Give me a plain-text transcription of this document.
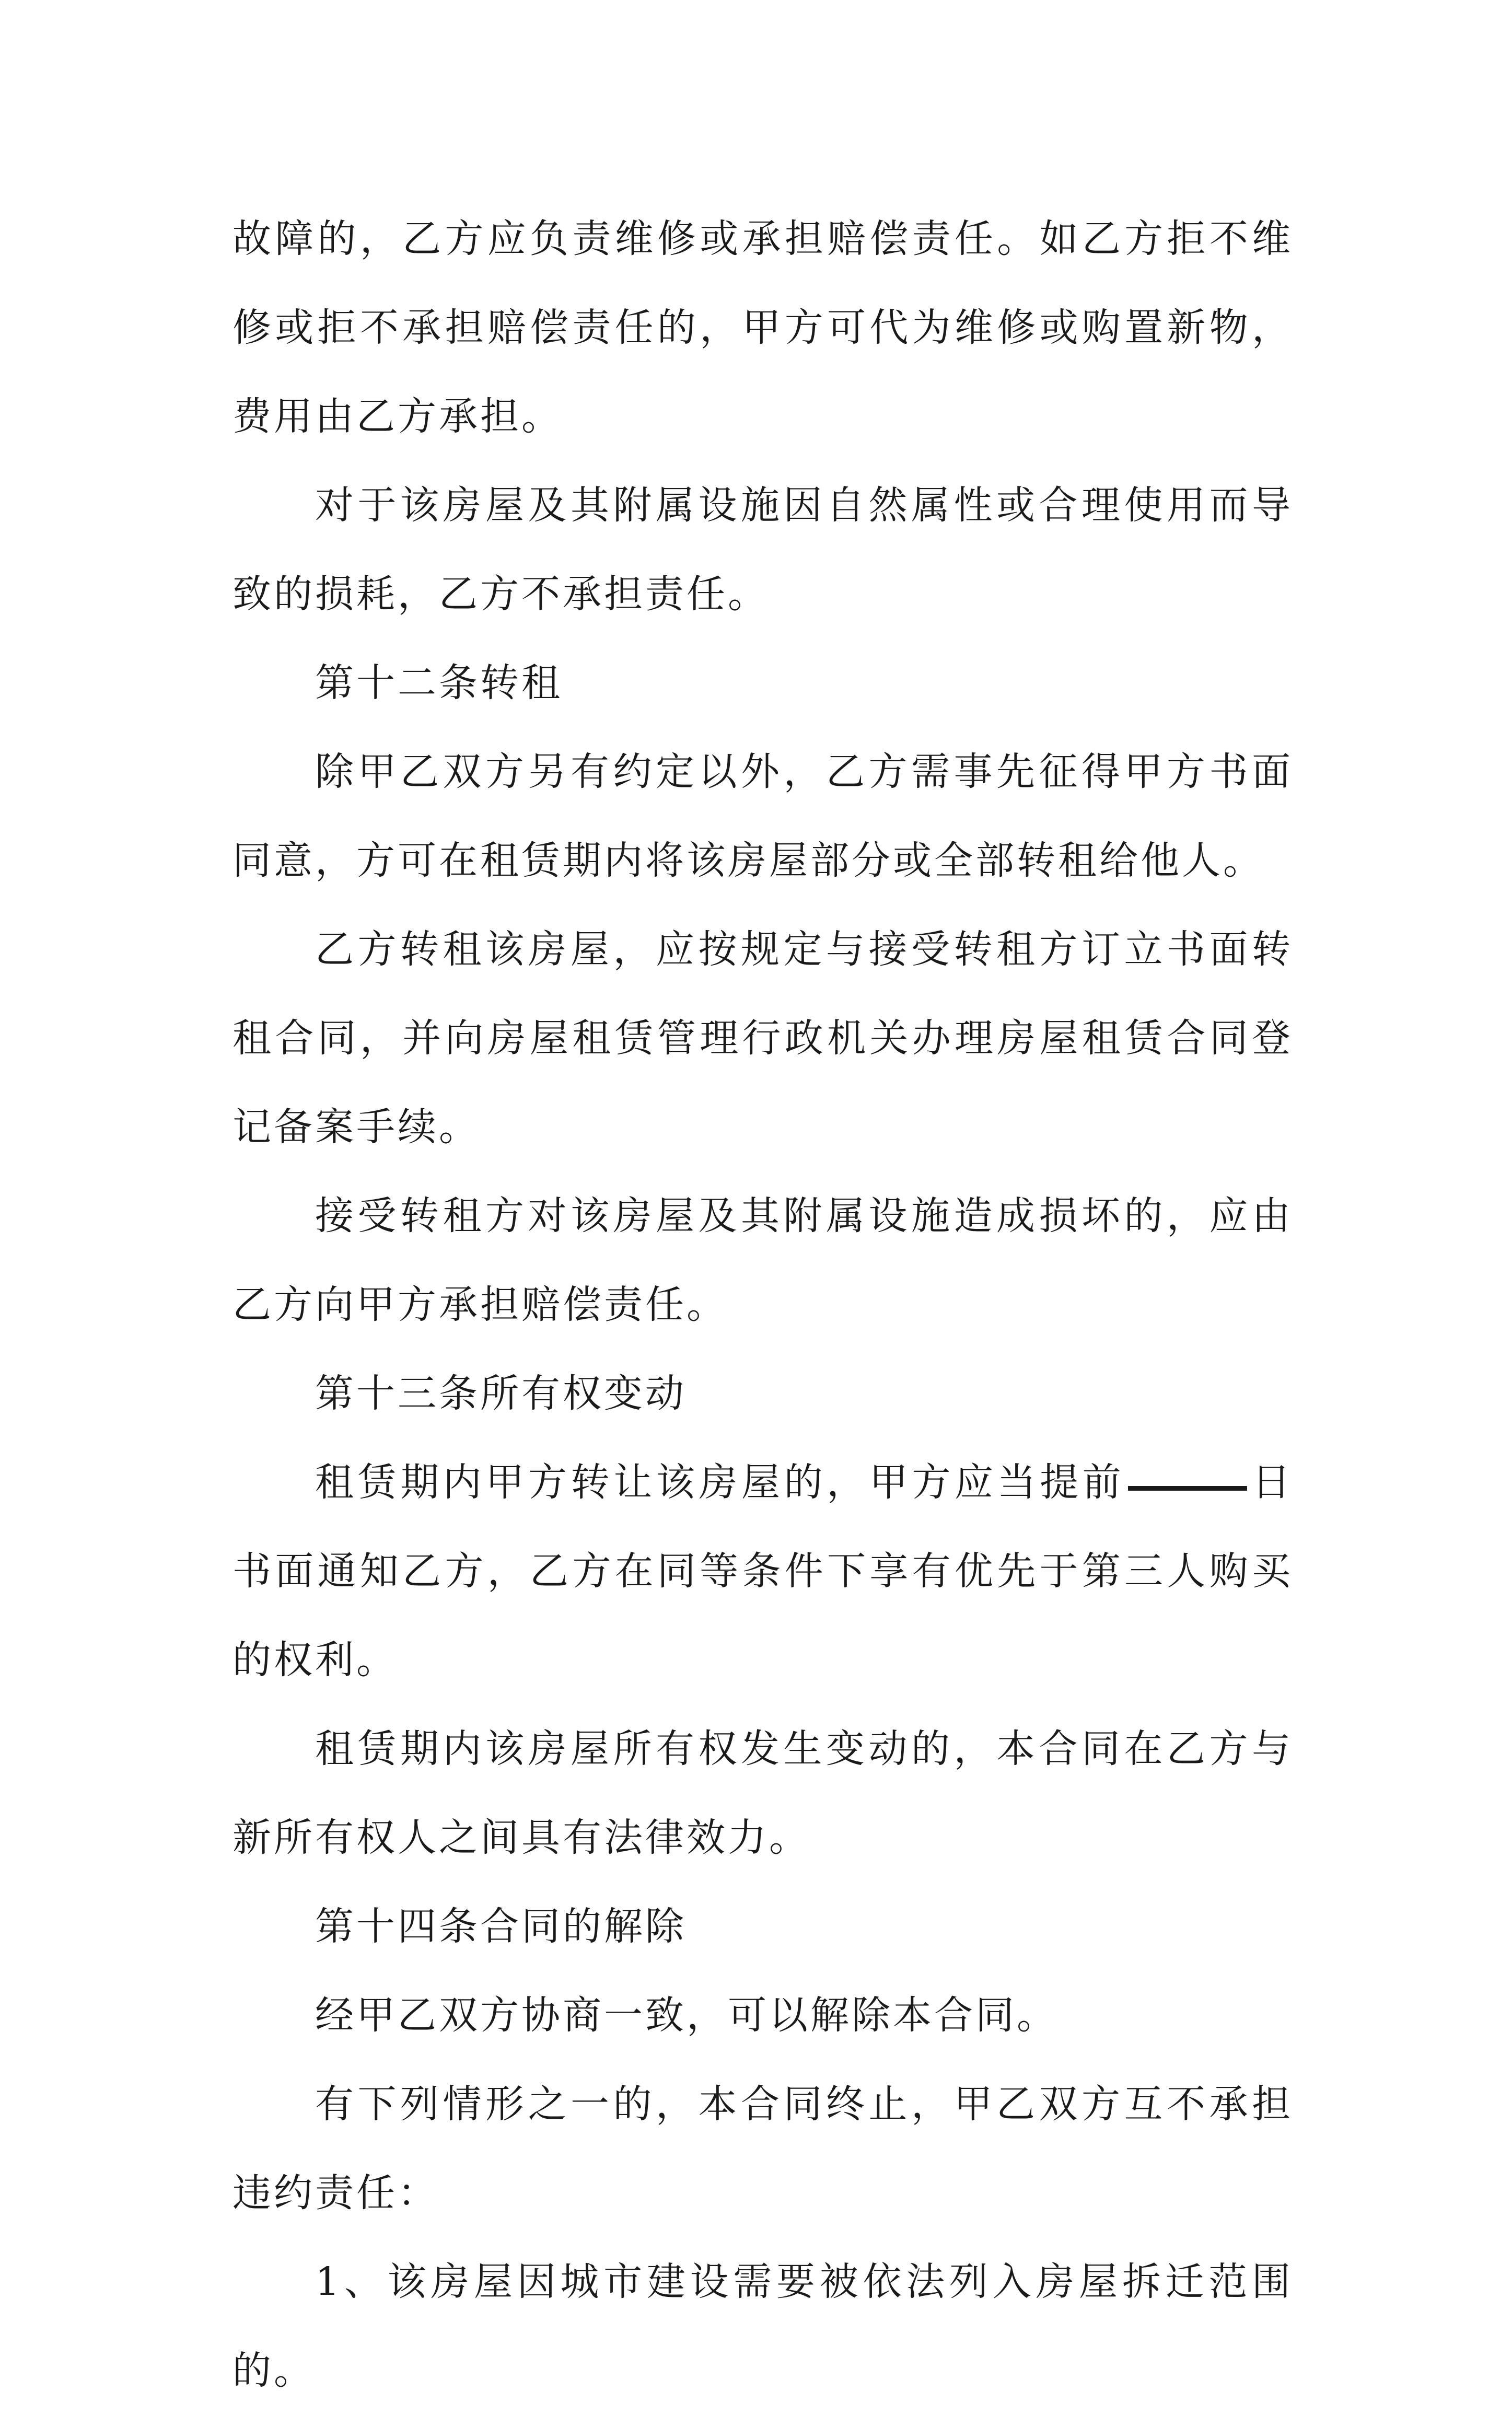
故障的，乙方应负责维修或承担赔偿责任。如乙方拒不维修或拒不承担赔偿责任的，甲方可代为维修或购置新物，费用由乙方承担。

对于该房屋及其附属设施因自然属性或合理使用而导致的损耗，乙方不承担责任。

第十二条转租

除甲乙双方另有约定以外，乙方需事先征得甲方书面同意，方可在租赁期内将该房屋部分或全部转租给他人。

乙方转租该房屋，应按规定与接受转租方订立书面转租合同，并向房屋租赁管理行政机关办理房屋租赁合同登记备案手续。

接受转租方对该房屋及其附属设施造成损坏的，应由乙方向甲方承担赔偿责任。

第十三条所有权变动

租赁期内甲方转让该房屋的，甲方应当提前	日书面通知乙方，乙方在同等条件下享有优先于第三人购买的权利。

租赁期内该房屋所有权发生变动的，本合同在乙方与新所有权人之间具有法律效力。

第十四条合同的解除

经甲乙双方协商一致，可以解除本合同。

有下列情形之一的，本合同终止，甲乙双方互不承担违约责任：

1、该房屋因城市建设需要被依法列入房屋拆迁范围的。
